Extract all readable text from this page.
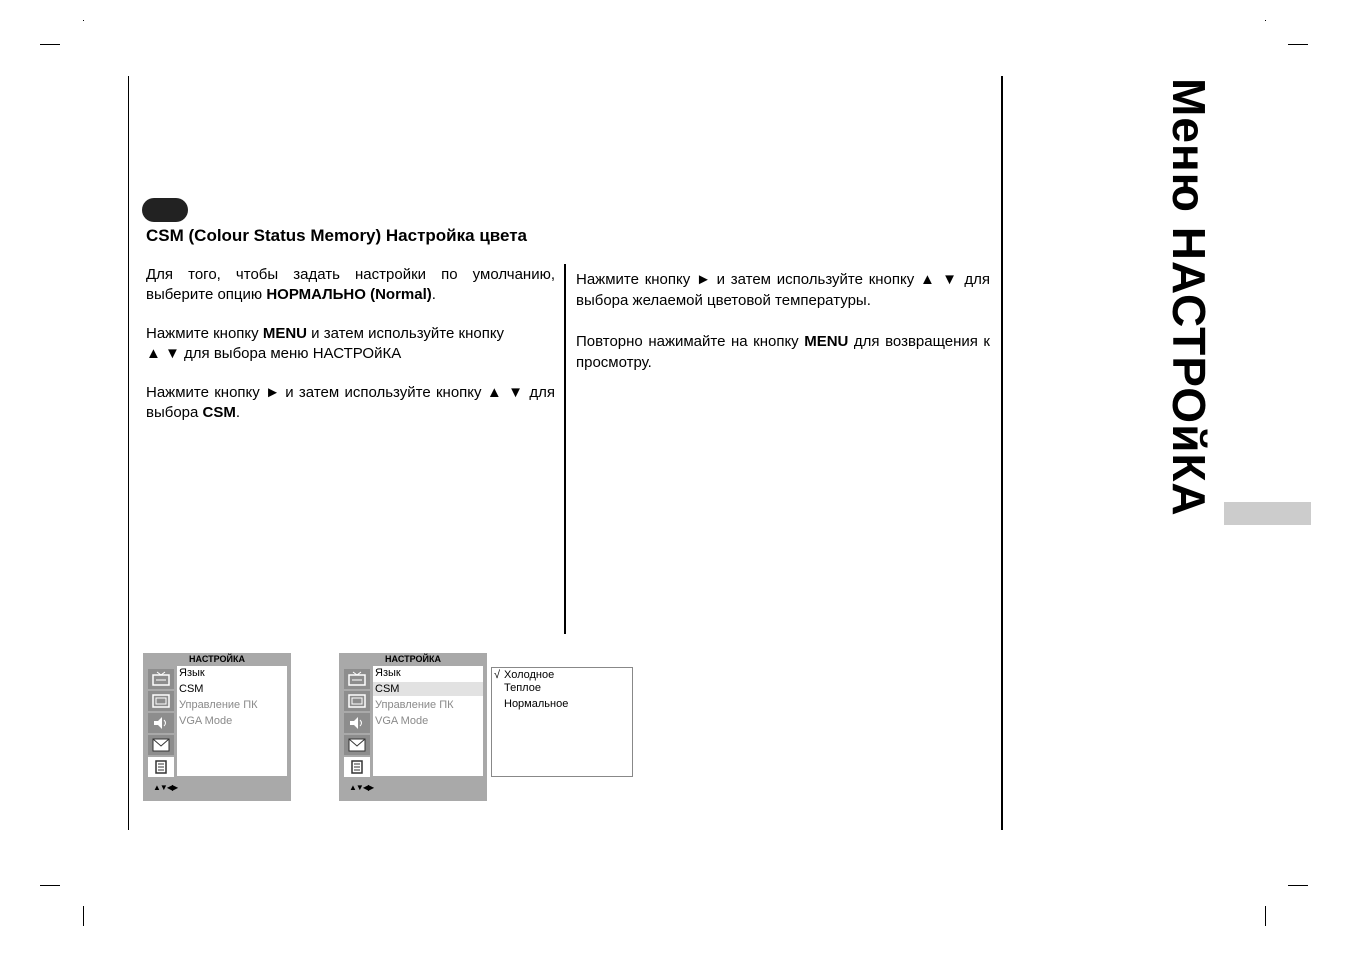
CSM (Colour Status Memory) Настройка цвета

Для того, чтобы задать настройки по умолчанию, выберите опцию НОРМАЛЬНО (Normal).

Нажмите кнопку MENU и затем используйте кнопку
▲ ▼ для выбора меню НАСТРОйКА

Нажмите кнопку ► и затем используйте кнопку ▲ ▼ для выбора CSM.

Нажмите кнопку ► и затем используйте кнопку ▲ ▼ для выбора желаемой цветовой температуры.

Повторно нажимайте на кнопку MENU для возвращения к просмотру.	Меню НАСТРОйКА
НАСТРОЙКА
Язык
CSM
Управление ПК
VGA Mode
▲▼◀▶
НАСТРОЙКА
Язык
CSM
Управление ПК
VGA Mode
▲▼◀▶
√ Холодное
Теплое
Нормальное
